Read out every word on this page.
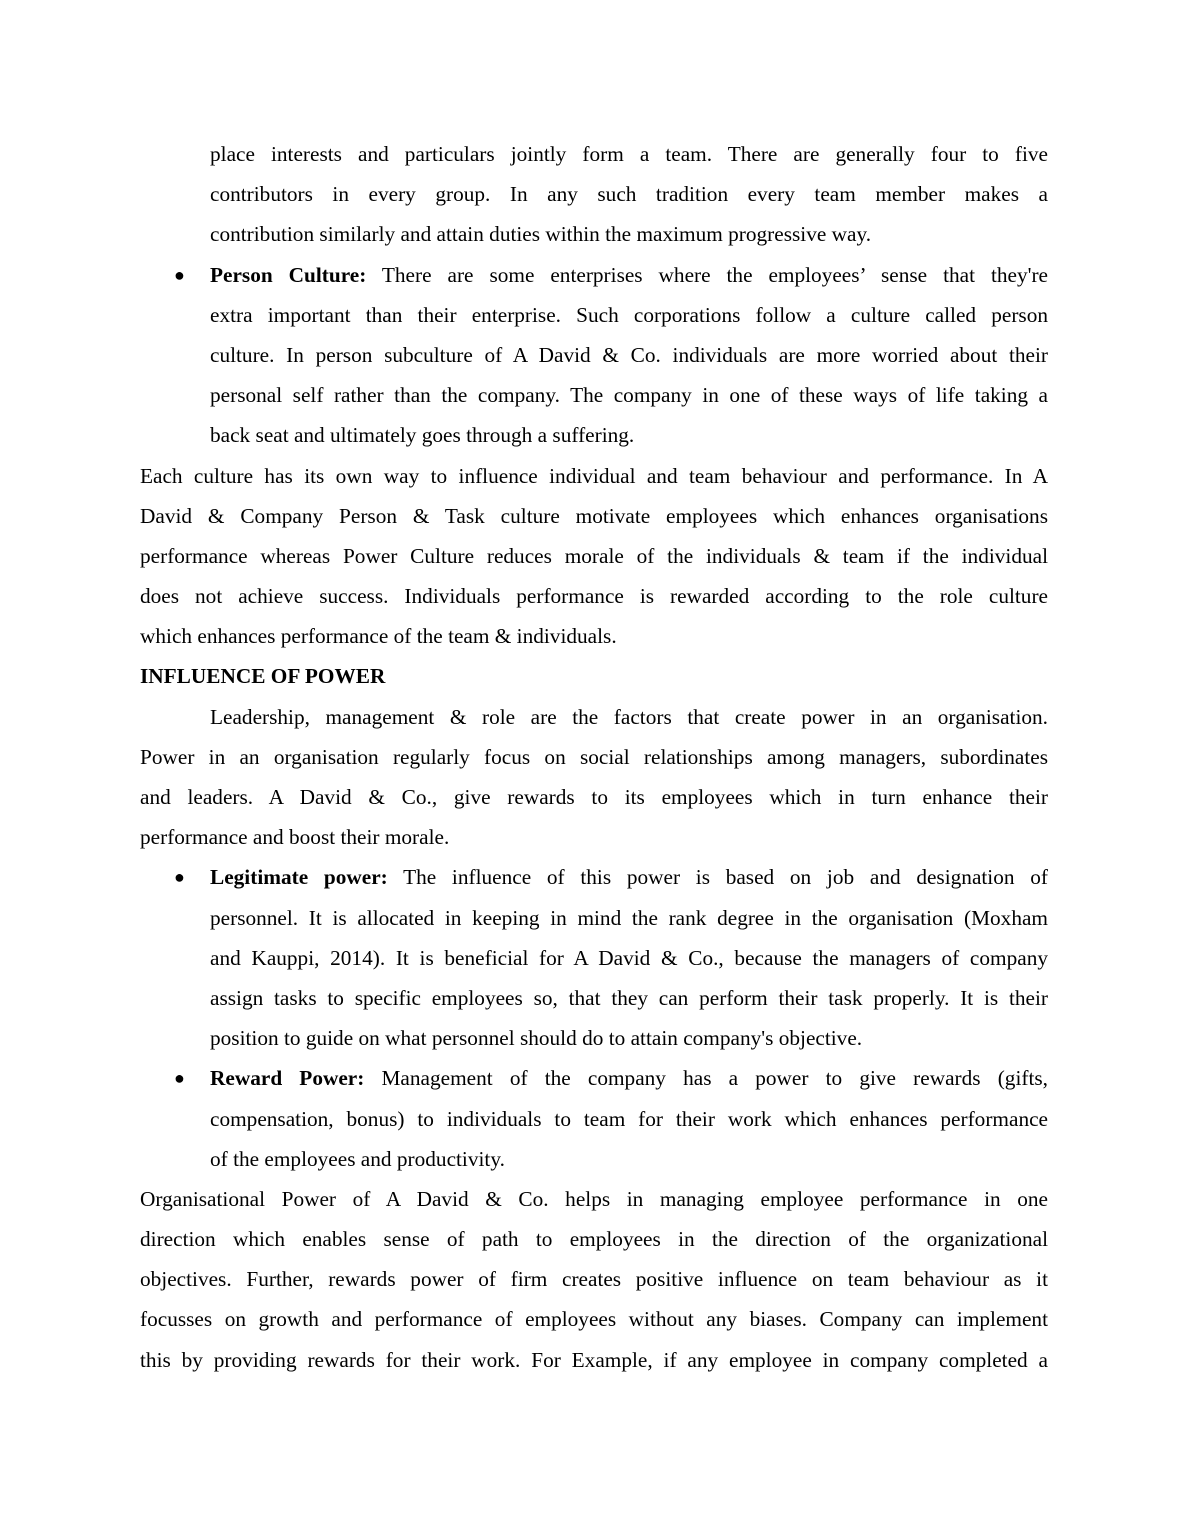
place interests and particulars jointly form a team. There are generally four to five
contributors in every group. In any such tradition every team member makes a
contribution similarly and attain duties within the maximum progressive way.
● Person Culture: There are some enterprises where the employees’ sense that they're
extra important than their enterprise. Such corporations follow a culture called person
culture. In person subculture of A David & Co. individuals are more worried about their
personal self rather than the company. The company in one of these ways of life taking a
back seat and ultimately goes through a suffering.
Each culture has its own way to influence individual and team behaviour and performance. In A
David & Company Person & Task culture motivate employees which enhances organisations
performance whereas Power Culture reduces morale of the individuals & team if the individual
does not achieve success. Individuals performance is rewarded according to the role culture
which enhances performance of the team & individuals.
INFLUENCE OF POWER
Leadership, management & role are the factors that create power in an organisation.
Power in an organisation regularly focus on social relationships among managers, subordinates
and leaders. A David & Co., give rewards to its employees which in turn enhance their
performance and boost their morale.
● Legitimate power: The influence of this power is based on job and designation of
personnel. It is allocated in keeping in mind the rank degree in the organisation (Moxham
and Kauppi, 2014). It is beneficial for A David & Co., because the managers of company
assign tasks to specific employees so, that they can perform their task properly. It is their
position to guide on what personnel should do to attain company's objective.
● Reward Power: Management of the company has a power to give rewards (gifts,
compensation, bonus) to individuals to team for their work which enhances performance
of the employees and productivity.
Organisational Power of A David & Co. helps in managing employee performance in one
direction which enables sense of path to employees in the direction of the organizational
objectives. Further, rewards power of firm creates positive influence on team behaviour as it
focusses on growth and performance of employees without any biases. Company can implement
this by providing rewards for their work. For Example, if any employee in company completed a
